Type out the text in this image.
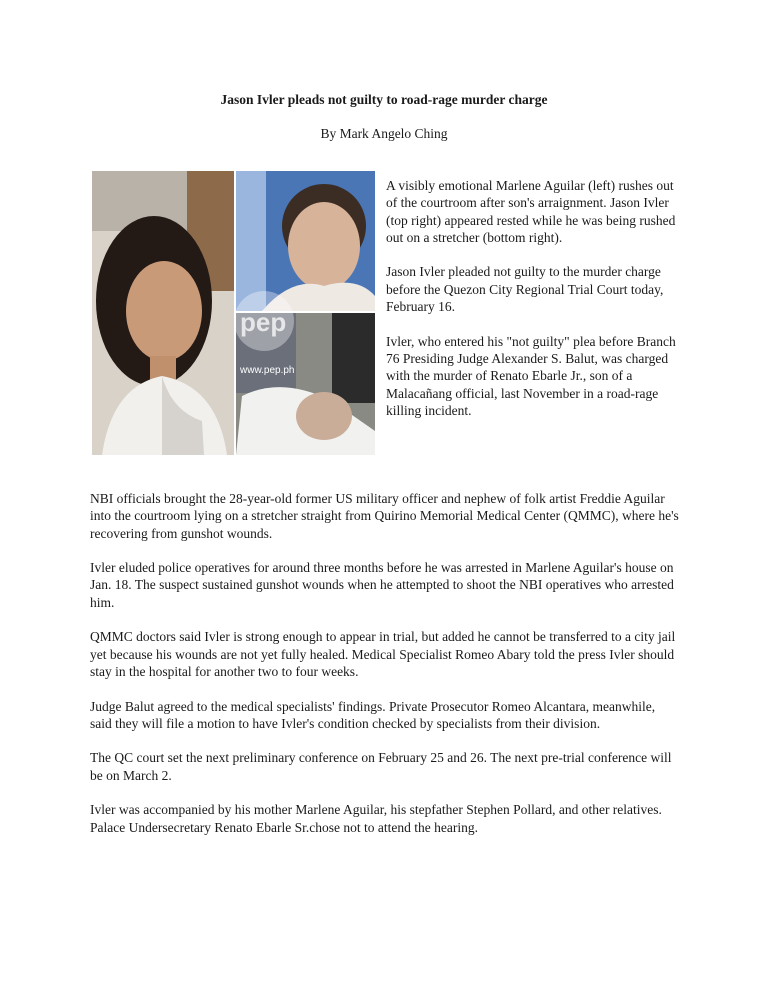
Jason Ivler pleads not guilty to road-rage murder charge
By Mark Angelo Ching
pep
www.pep.ph

A visibly emotional Marlene Aguilar (left) rushes out of the courtroom after son's arraignment. Jason Ivler (top right) appeared rested while he was being rushed out on a stretcher (bottom right).

Jason Ivler pleaded not guilty to the murder charge before the Quezon City Regional Trial Court today, February 16.

Ivler, who entered his "not guilty" plea before Branch 76 Presiding Judge Alexander S. Balut, was charged with the murder of Renato Ebarle Jr., son of a Malacañang official, last November in a road-rage killing incident.

NBI officials brought the 28-year-old former US military officer and nephew of folk artist Freddie Aguilar into the courtroom lying on a stretcher straight from Quirino Memorial Medical Center (QMMC), where he's recovering from gunshot wounds.

Ivler eluded police operatives for around three months before he was arrested in Marlene Aguilar's house on Jan. 18. The suspect sustained gunshot wounds when he attempted to shoot the NBI operatives who arrested him.

QMMC doctors said Ivler is strong enough to appear in trial, but added he cannot be transferred to a city jail yet because his wounds are not yet fully healed. Medical Specialist Romeo Abary told the press Ivler should stay in the hospital for another two to four weeks.

Judge Balut agreed to the medical specialists' findings. Private Prosecutor Romeo Alcantara, meanwhile, said they will file a motion to have Ivler's condition checked by specialists from their division.

The QC court set the next preliminary conference on February 25 and 26. The next pre-trial conference will be on March 2.

Ivler was accompanied by his mother Marlene Aguilar, his stepfather Stephen Pollard, and other relatives. Palace Undersecretary Renato Ebarle Sr.chose not to attend the hearing.
